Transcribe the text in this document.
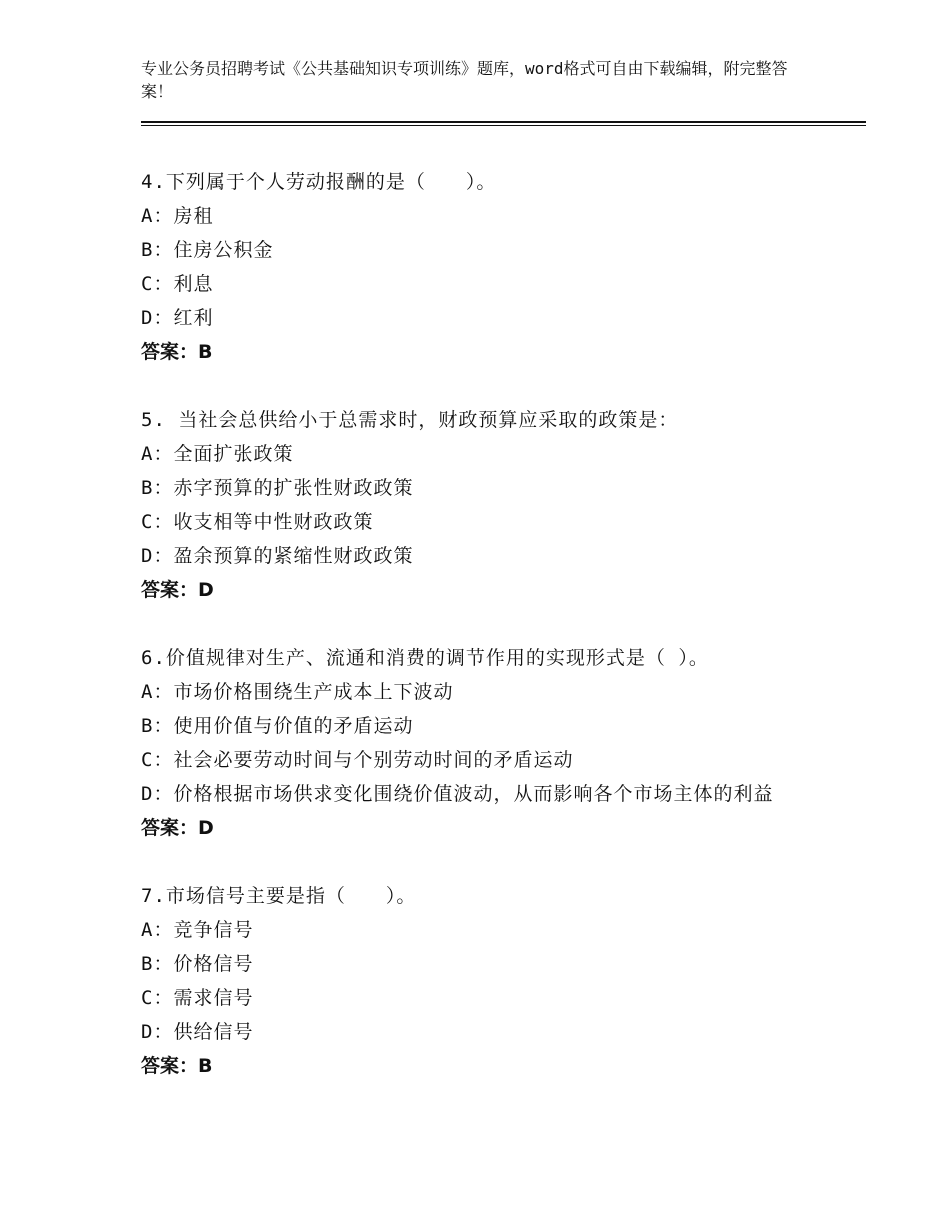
专业公务员招聘考试《公共基础知识专项训练》题库，word格式可自由下载编辑，附完整答案！
4.下列属于个人劳动报酬的是（　　）。
A：房租
B：住房公积金
C：利息
D：红利
答案：B
5. 当社会总供给小于总需求时，财政预算应采取的政策是：
A：全面扩张政策
B：赤字预算的扩张性财政政策
C：收支相等中性财政政策
D：盈余预算的紧缩性财政政策
答案：D
6.价值规律对生产、流通和消费的调节作用的实现形式是（ ）。
A：市场价格围绕生产成本上下波动
B：使用价值与价值的矛盾运动
C：社会必要劳动时间与个别劳动时间的矛盾运动
D：价格根据市场供求变化围绕价值波动，从而影响各个市场主体的利益
答案：D
7.市场信号主要是指（　　）。
A：竞争信号
B：价格信号
C：需求信号
D：供给信号
答案：B
